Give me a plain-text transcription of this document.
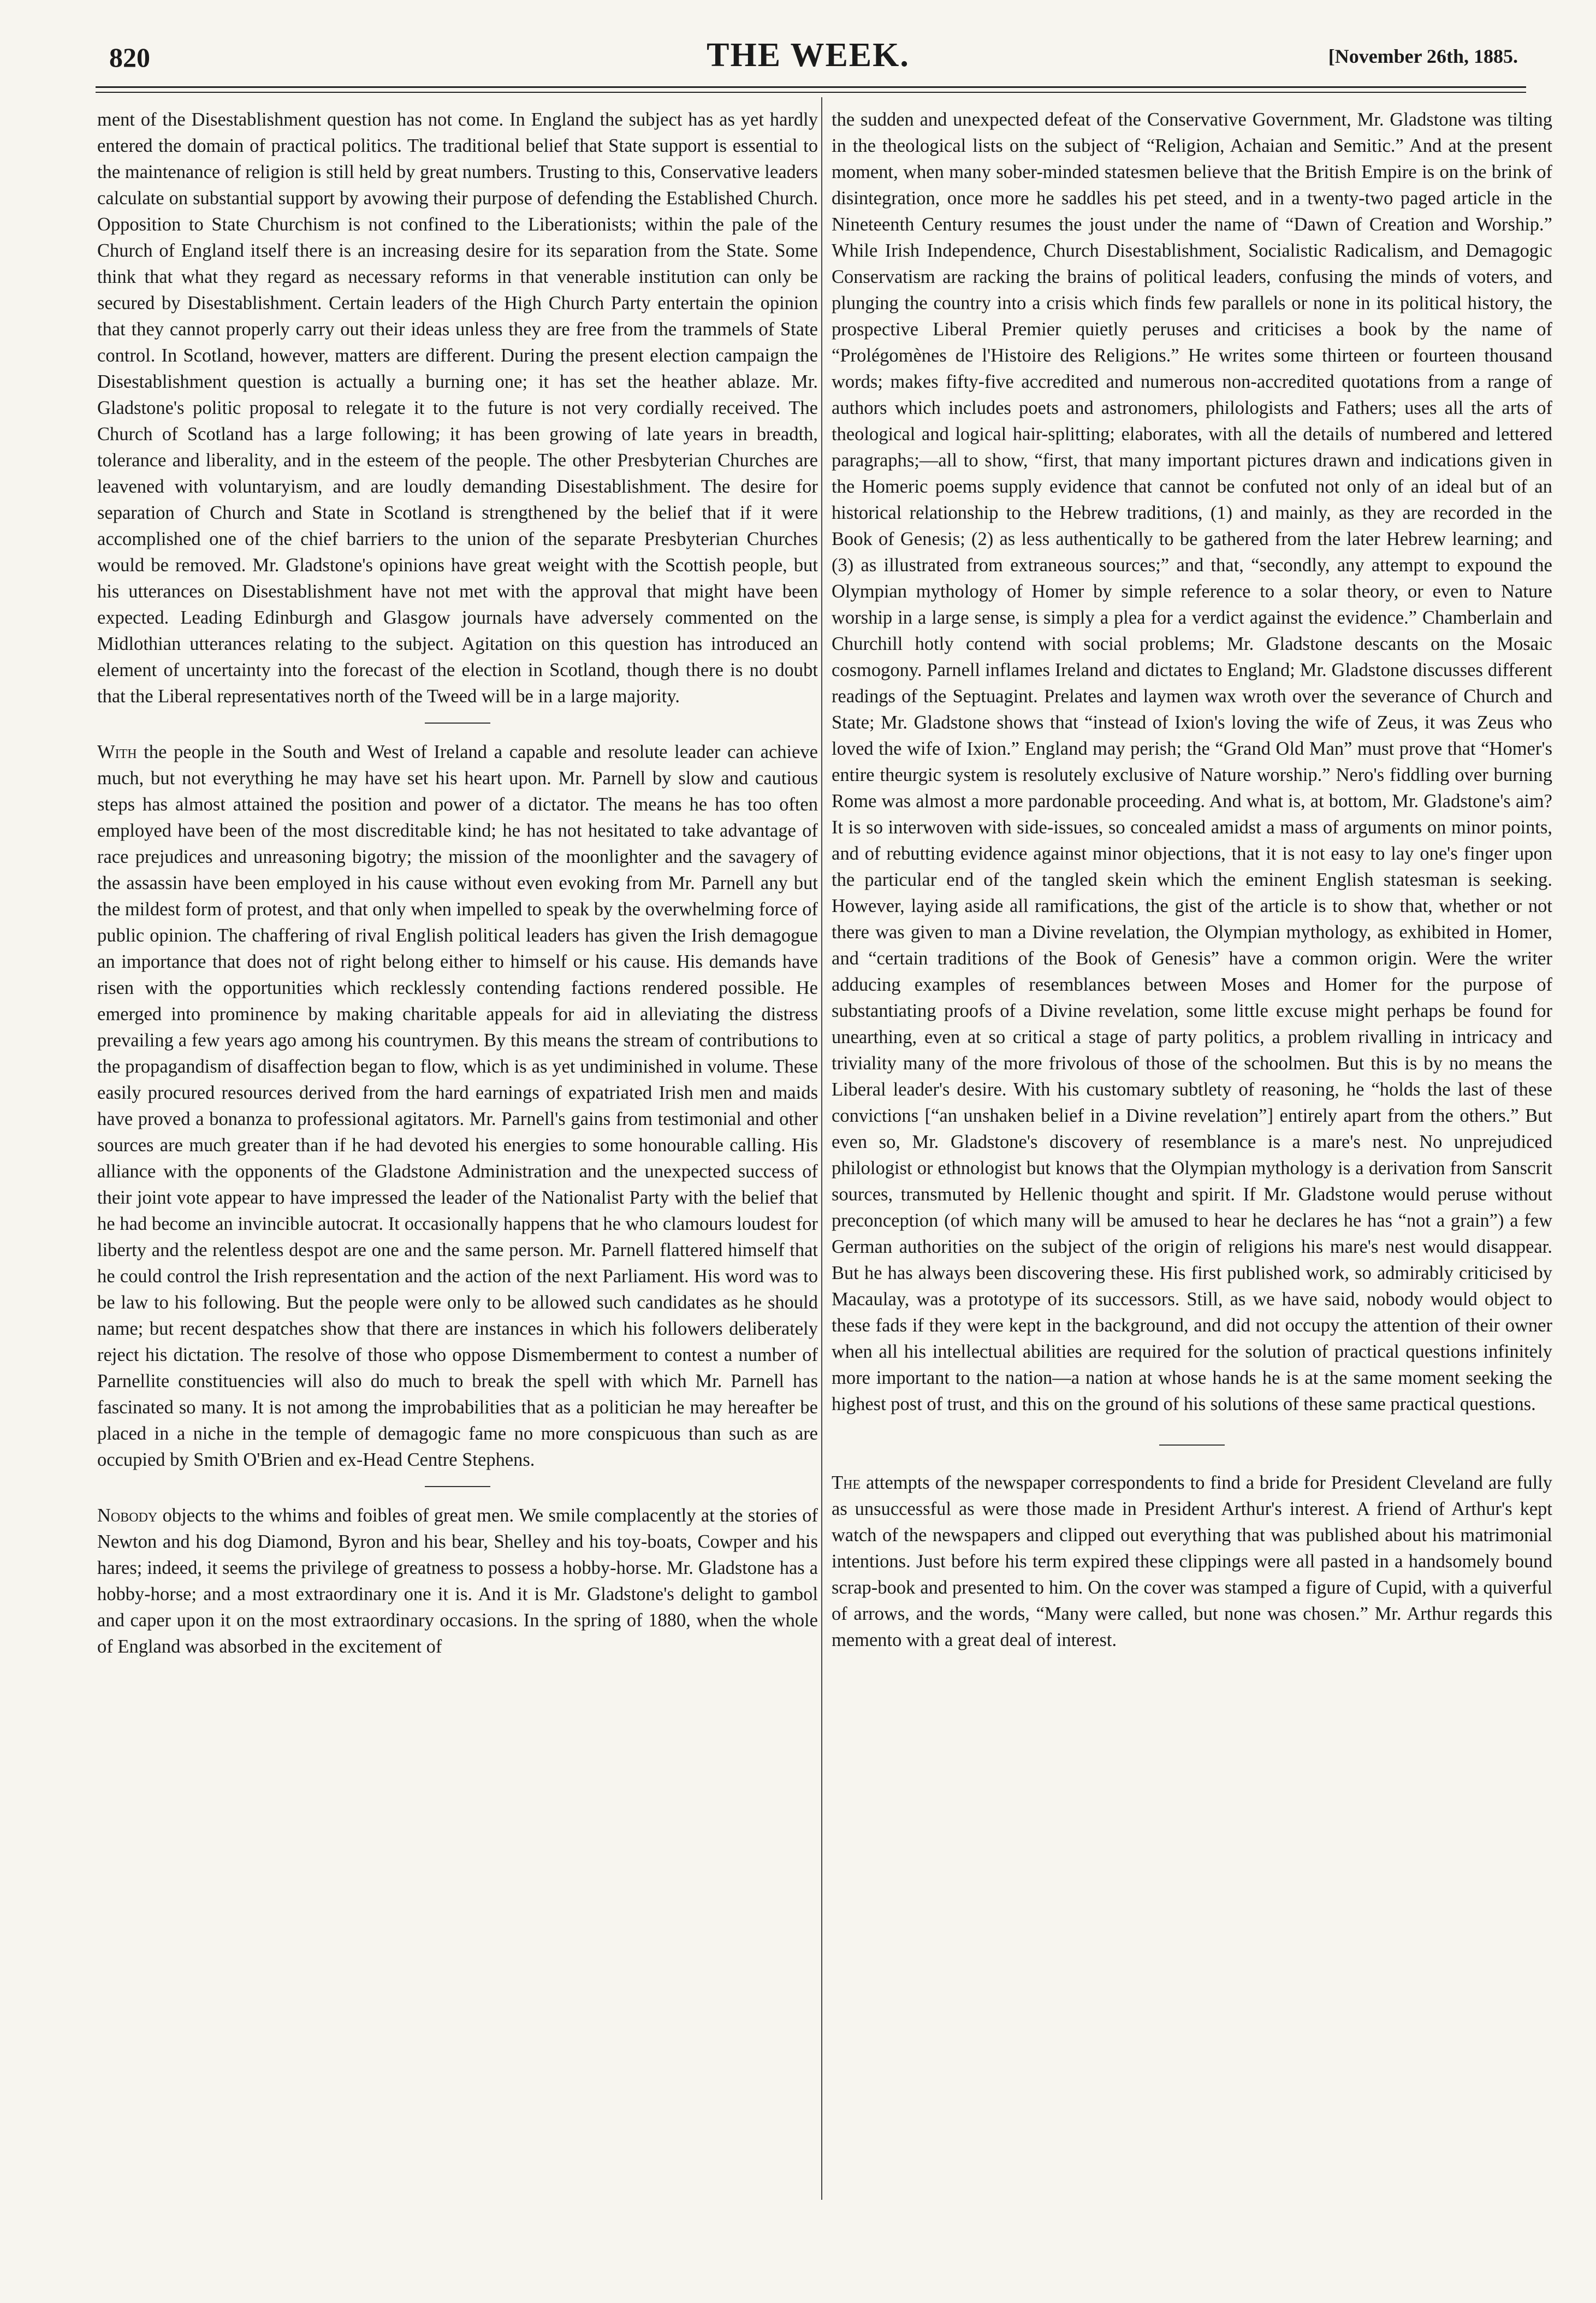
820	THE WEEK.	[November 26th, 1885.

ment of the Disestablishment question has not come. In England the subject has as yet hardly entered the domain of practical politics. The traditional belief that State support is essential to the maintenance of religion is still held by great numbers. Trusting to this, Conservative leaders calculate on substantial support by avowing their purpose of defending the Established Church. Opposition to State Churchism is not confined to the Liberationists; within the pale of the Church of England itself there is an increasing desire for its separation from the State. Some think that what they regard as necessary reforms in that venerable institution can only be secured by Disestablishment. Certain leaders of the High Church Party entertain the opinion that they cannot properly carry out their ideas unless they are free from the trammels of State control. In Scotland, however, matters are different. During the present election campaign the Disestablishment question is actually a burning one; it has set the heather ablaze. Mr. Gladstone's politic proposal to relegate it to the future is not very cordially received. The Church of Scotland has a large following; it has been growing of late years in breadth, tolerance and liberality, and in the esteem of the people. The other Presbyterian Churches are leavened with voluntaryism, and are loudly demanding Disestablishment. The desire for separation of Church and State in Scotland is strengthened by the belief that if it were accomplished one of the chief barriers to the union of the separate Presbyterian Churches would be removed. Mr. Gladstone's opinions have great weight with the Scottish people, but his utterances on Disestablishment have not met with the approval that might have been expected. Leading Edinburgh and Glasgow journals have adversely commented on the Midlothian utterances relating to the subject. Agitation on this question has introduced an element of uncertainty into the forecast of the election in Scotland, though there is no doubt that the Liberal representatives north of the Tweed will be in a large majority.

With the people in the South and West of Ireland a capable and resolute leader can achieve much, but not everything he may have set his heart upon. Mr. Parnell by slow and cautious steps has almost attained the position and power of a dictator. The means he has too often employed have been of the most discreditable kind; he has not hesitated to take advantage of race prejudices and unreasoning bigotry; the mission of the moonlighter and the savagery of the assassin have been employed in his cause without even evoking from Mr. Parnell any but the mildest form of protest, and that only when impelled to speak by the overwhelming force of public opinion. The chaffering of rival English political leaders has given the Irish demagogue an importance that does not of right belong either to himself or his cause. His demands have risen with the opportunities which recklessly contending factions rendered possible. He emerged into prominence by making charitable appeals for aid in alleviating the distress prevailing a few years ago among his countrymen. By this means the stream of contributions to the propagandism of disaffection began to flow, which is as yet undiminished in volume. These easily procured resources derived from the hard earnings of expatriated Irish men and maids have proved a bonanza to professional agitators. Mr. Parnell's gains from testimonial and other sources are much greater than if he had devoted his energies to some honourable calling. His alliance with the opponents of the Gladstone Administration and the unexpected success of their joint vote appear to have impressed the leader of the Nationalist Party with the belief that he had become an invincible autocrat. It occasionally happens that he who clamours loudest for liberty and the relentless despot are one and the same person. Mr. Parnell flattered himself that he could control the Irish representation and the action of the next Parliament. His word was to be law to his following. But the people were only to be allowed such candidates as he should name; but recent despatches show that there are instances in which his followers deliberately reject his dictation. The resolve of those who oppose Dismemberment to contest a number of Parnellite constituencies will also do much to break the spell with which Mr. Parnell has fascinated so many. It is not among the improbabilities that as a politician he may hereafter be placed in a niche in the temple of demagogic fame no more conspicuous than such as are occupied by Smith O'Brien and ex-Head Centre Stephens.

Nobody objects to the whims and foibles of great men. We smile complacently at the stories of Newton and his dog Diamond, Byron and his bear, Shelley and his toy-boats, Cowper and his hares; indeed, it seems the privilege of greatness to possess a hobby-horse. Mr. Gladstone has a hobby-horse; and a most extraordinary one it is. And it is Mr. Gladstone's delight to gambol and caper upon it on the most extraordinary occasions. In the spring of 1880, when the whole of England was absorbed in the excitement of

the sudden and unexpected defeat of the Conservative Government, Mr. Gladstone was tilting in the theological lists on the subject of “Religion, Achaian and Semitic.” And at the present moment, when many sober-minded statesmen believe that the British Empire is on the brink of disintegration, once more he saddles his pet steed, and in a twenty-two paged article in the Nineteenth Century resumes the joust under the name of “Dawn of Creation and Worship.” While Irish Independence, Church Disestablishment, Socialistic Radicalism, and Demagogic Conservatism are racking the brains of political leaders, confusing the minds of voters, and plunging the country into a crisis which finds few parallels or none in its political history, the prospective Liberal Premier quietly peruses and criticises a book by the name of “Prolégomènes de l'Histoire des Religions.” He writes some thirteen or fourteen thousand words; makes fifty-five accredited and numerous non-accredited quotations from a range of authors which includes poets and astronomers, philologists and Fathers; uses all the arts of theological and logical hair-splitting; elaborates, with all the details of numbered and lettered paragraphs;—all to show, “first, that many important pictures drawn and indications given in the Homeric poems supply evidence that cannot be confuted not only of an ideal but of an historical relationship to the Hebrew traditions, (1) and mainly, as they are recorded in the Book of Genesis; (2) as less authentically to be gathered from the later Hebrew learning; and (3) as illustrated from extraneous sources;” and that, “secondly, any attempt to expound the Olympian mythology of Homer by simple reference to a solar theory, or even to Nature worship in a large sense, is simply a plea for a verdict against the evidence.” Chamberlain and Churchill hotly contend with social problems; Mr. Gladstone descants on the Mosaic cosmogony. Parnell inflames Ireland and dictates to England; Mr. Gladstone discusses different readings of the Septuagint. Prelates and laymen wax wroth over the severance of Church and State; Mr. Gladstone shows that “instead of Ixion's loving the wife of Zeus, it was Zeus who loved the wife of Ixion.” England may perish; the “Grand Old Man” must prove that “Homer's entire theurgic system is resolutely exclusive of Nature worship.” Nero's fiddling over burning Rome was almost a more pardonable proceeding. And what is, at bottom, Mr. Gladstone's aim? It is so interwoven with side-issues, so concealed amidst a mass of arguments on minor points, and of rebutting evidence against minor objections, that it is not easy to lay one's finger upon the particular end of the tangled skein which the eminent English statesman is seeking. However, laying aside all ramifications, the gist of the article is to show that, whether or not there was given to man a Divine revelation, the Olympian mythology, as exhibited in Homer, and “certain traditions of the Book of Genesis” have a common origin. Were the writer adducing examples of resemblances between Moses and Homer for the purpose of substantiating proofs of a Divine revelation, some little excuse might perhaps be found for unearthing, even at so critical a stage of party politics, a problem rivalling in intricacy and triviality many of the more frivolous of those of the schoolmen. But this is by no means the Liberal leader's desire. With his customary subtlety of reasoning, he “holds the last of these convictions [“an unshaken belief in a Divine revelation”] entirely apart from the others.” But even so, Mr. Gladstone's discovery of resemblance is a mare's nest. No unprejudiced philologist or ethnologist but knows that the Olympian mythology is a derivation from Sanscrit sources, transmuted by Hellenic thought and spirit. If Mr. Gladstone would peruse without preconception (of which many will be amused to hear he declares he has “not a grain”) a few German authorities on the subject of the origin of religions his mare's nest would disappear. But he has always been discovering these. His first published work, so admirably criticised by Macaulay, was a prototype of its successors. Still, as we have said, nobody would object to these fads if they were kept in the background, and did not occupy the attention of their owner when all his intellectual abilities are required for the solution of practical questions infinitely more important to the nation—a nation at whose hands he is at the same moment seeking the highest post of trust, and this on the ground of his solutions of these same practical questions.

The attempts of the newspaper correspondents to find a bride for President Cleveland are fully as unsuccessful as were those made in President Arthur's interest. A friend of Arthur's kept watch of the newspapers and clipped out everything that was published about his matrimonial intentions. Just before his term expired these clippings were all pasted in a handsomely bound scrap-book and presented to him. On the cover was stamped a figure of Cupid, with a quiverful of arrows, and the words, “Many were called, but none was chosen.” Mr. Arthur regards this memento with a great deal of interest.
